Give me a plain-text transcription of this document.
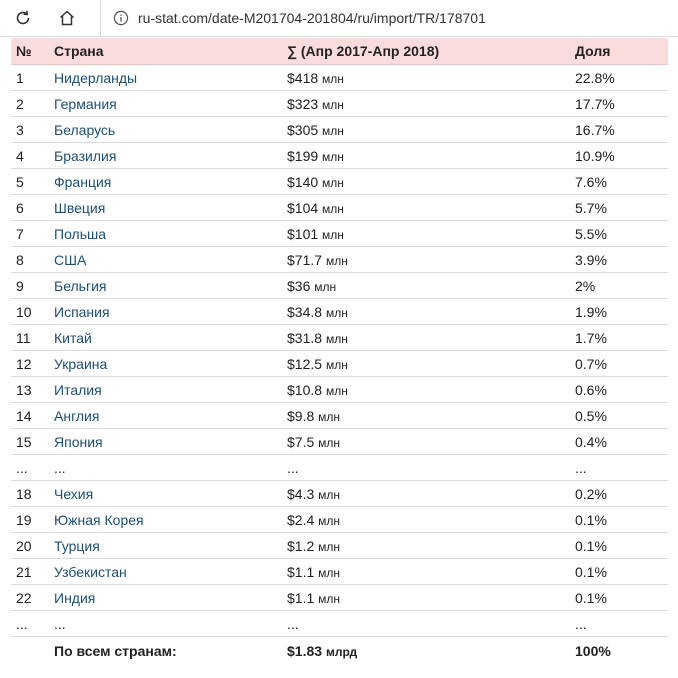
ru-stat.com/date-M201704-201804/ru/import/TR/178701
№	Страна	∑ (Апр 2017-Апр 2018)	Доля
1	Нидерланды	$418 млн	22.8%
2	Германия	$323 млн	17.7%
3	Беларусь	$305 млн	16.7%
4	Бразилия	$199 млн	10.9%
5	Франция	$140 млн	7.6%
6	Швеция	$104 млн	5.7%
7	Польша	$101 млн	5.5%
8	США	$71.7 млн	3.9%
9	Бельгия	$36 млн	2%
10	Испания	$34.8 млн	1.9%
11	Китай	$31.8 млн	1.7%
12	Украина	$12.5 млн	0.7%
13	Италия	$10.8 млн	0.6%
14	Англия	$9.8 млн	0.5%
15	Япония	$7.5 млн	0.4%
...	...	...	...
18	Чехия	$4.3 млн	0.2%
19	Южная Корея	$2.4 млн	0.1%
20	Турция	$1.2 млн	0.1%
21	Узбекистан	$1.1 млн	0.1%
22	Индия	$1.1 млн	0.1%
...	...	...	...
	По всем странам:	$1.83 млрд	100%
